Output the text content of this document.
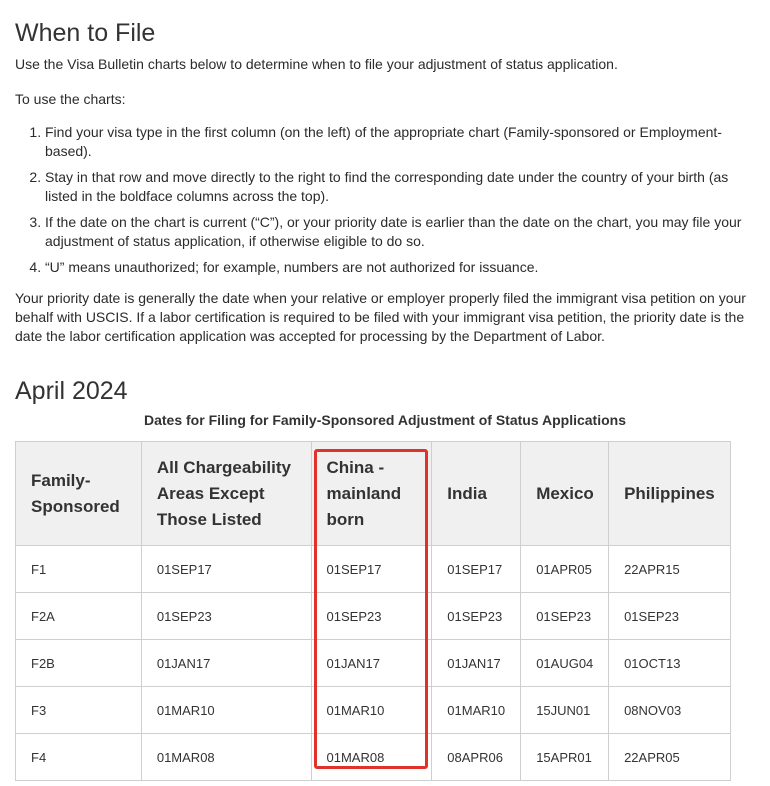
When to File

Use the Visa Bulletin charts below to determine when to file your adjustment of status application.

To use the charts:

1. Find your visa type in the first column (on the left) of the appropriate chart (Family-sponsored or Employment-based).
2. Stay in that row and move directly to the right to find the corresponding date under the country of your birth (as listed in the boldface columns across the top).
3. If the date on the chart is current (“C”), or your priority date is earlier than the date on the chart, you may file your adjustment of status application, if otherwise eligible to do so.
4. “U” means unauthorized; for example, numbers are not authorized for issuance.

Your priority date is generally the date when your relative or employer properly filed the immigrant visa petition on your behalf with USCIS. If a labor certification is required to be filed with your immigrant visa petition, the priority date is the date the labor certification application was accepted for processing by the Department of Labor.

April 2024
Dates for Filing for Family-Sponsored Adjustment of Status Applications
Family-Sponsored	All Chargeability Areas Except Those Listed	China - mainland born	India	Mexico	Philippines
F1	01SEP17	01SEP17	01SEP17	01APR05	22APR15
F2A	01SEP23	01SEP23	01SEP23	01SEP23	01SEP23
F2B	01JAN17	01JAN17	01JAN17	01AUG04	01OCT13
F3	01MAR10	01MAR10	01MAR10	15JUN01	08NOV03
F4	01MAR08	01MAR08	08APR06	15APR01	22APR05
